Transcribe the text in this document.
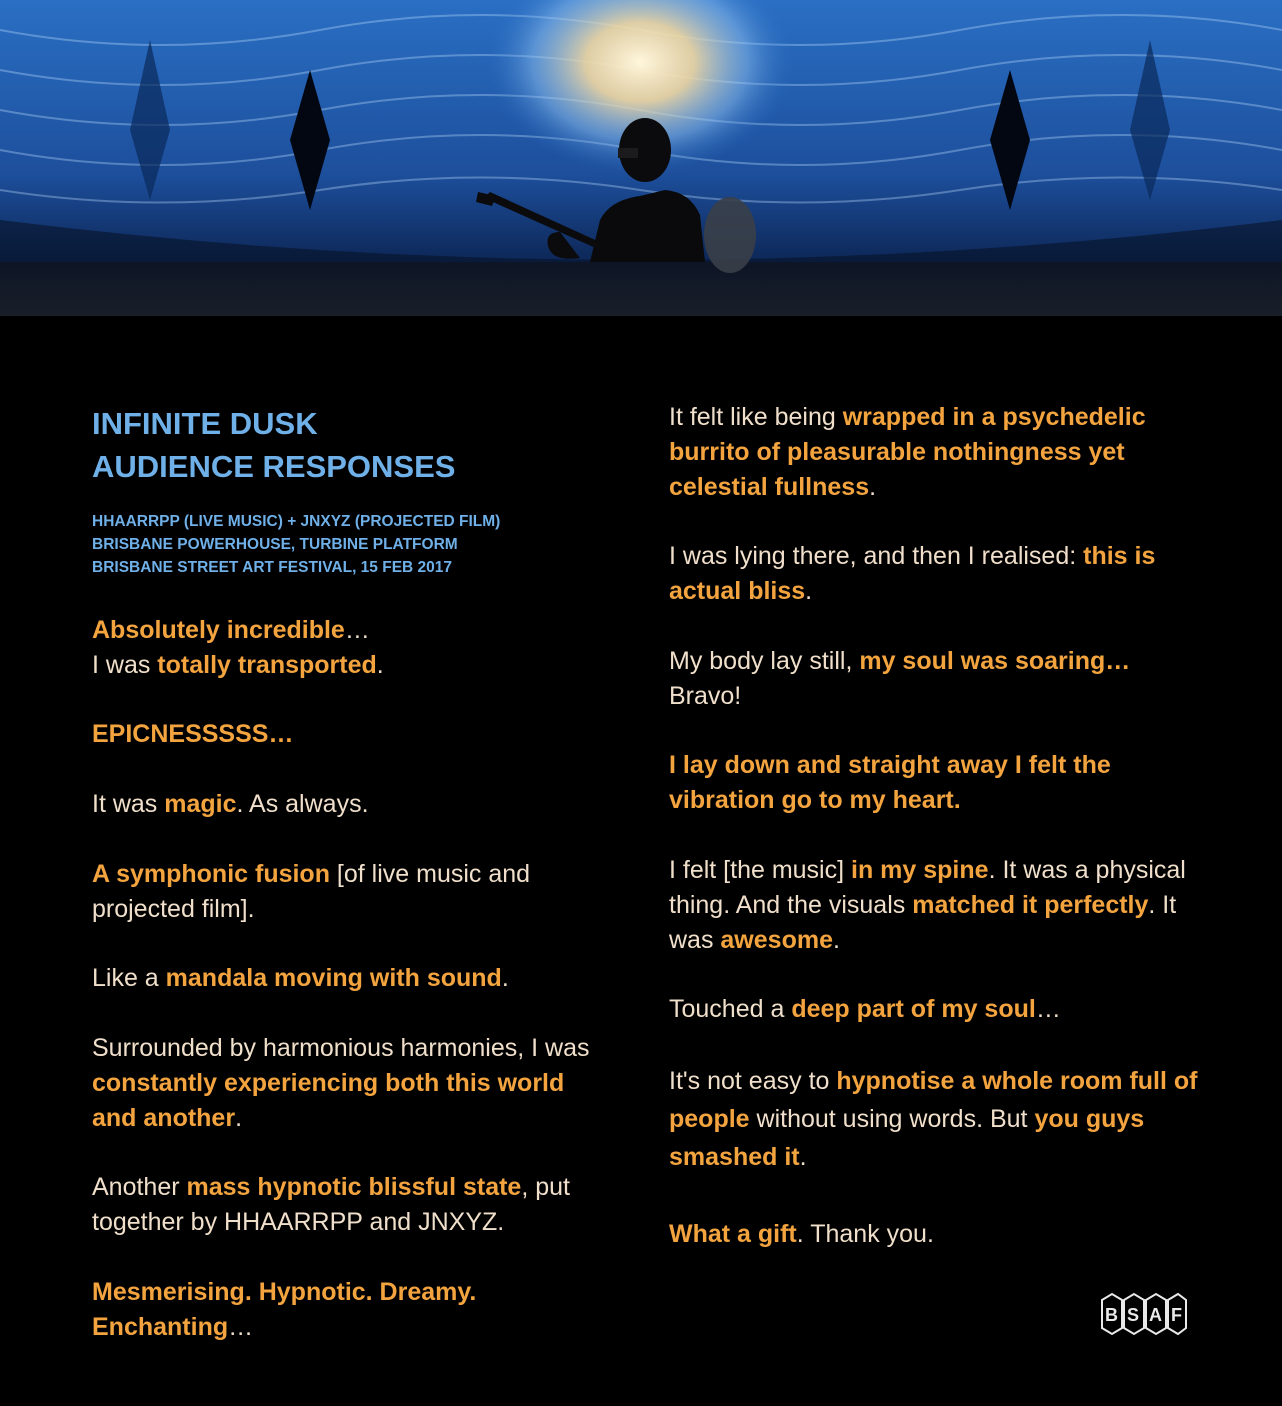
INFINITE DUSK
AUDIENCE RESPONSES
HHAARRPP (LIVE MUSIC) + JNXYZ (PROJECTED FILM)
BRISBANE POWERHOUSE, TURBINE PLATFORM
BRISBANE STREET ART FESTIVAL, 15 FEB 2017

Absolutely incredible…
I was totally transported.

EPICNESSSSS…

It was magic. As always.

A symphonic fusion [of live music and projected film].

Like a mandala moving with sound.

Surrounded by harmonious harmonies, I was constantly experiencing both this world and another.

Another mass hypnotic blissful state, put together by HHAARRPP and JNXYZ.

Mesmerising. Hypnotic. Dreamy. Enchanting…

It felt like being wrapped in a psychedelic burrito of pleasurable nothingness yet celestial fullness.

I was lying there, and then I realised: this is actual bliss.

My body lay still, my soul was soaring… Bravo!

I lay down and straight away I felt the vibration go to my heart.

I felt [the music] in my spine. It was a physical thing. And the visuals matched it perfectly. It was awesome.

Touched a deep part of my soul…

It's not easy to hypnotise a whole room full of people without using words. But you guys smashed it.

What a gift. Thank you.

B S A F
